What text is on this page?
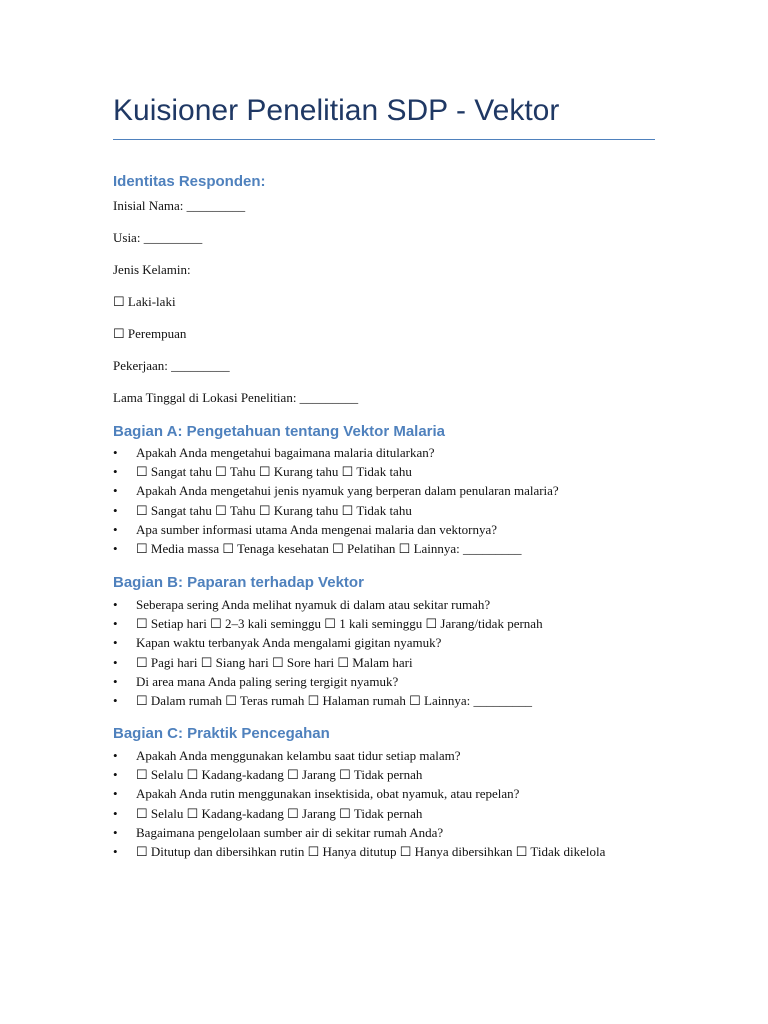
Kuisioner Penelitian SDP - Vektor
Identitas Responden:
Inisial Nama: _________
Usia: _________
Jenis Kelamin:
☐ Laki-laki
☐ Perempuan
Pekerjaan: _________
Lama Tinggal di Lokasi Penelitian: _________
Bagian A: Pengetahuan tentang Vektor Malaria
• Apakah Anda mengetahui bagaimana malaria ditularkan?
• ☐ Sangat tahu ☐ Tahu ☐ Kurang tahu ☐ Tidak tahu
• Apakah Anda mengetahui jenis nyamuk yang berperan dalam penularan malaria?
• ☐ Sangat tahu ☐ Tahu ☐ Kurang tahu ☐ Tidak tahu
• Apa sumber informasi utama Anda mengenai malaria dan vektornya?
• ☐ Media massa ☐ Tenaga kesehatan ☐ Pelatihan ☐ Lainnya: _________
Bagian B: Paparan terhadap Vektor
• Seberapa sering Anda melihat nyamuk di dalam atau sekitar rumah?
• ☐ Setiap hari ☐ 2–3 kali seminggu ☐ 1 kali seminggu ☐ Jarang/tidak pernah
• Kapan waktu terbanyak Anda mengalami gigitan nyamuk?
• ☐ Pagi hari ☐ Siang hari ☐ Sore hari ☐ Malam hari
• Di area mana Anda paling sering tergigit nyamuk?
• ☐ Dalam rumah ☐ Teras rumah ☐ Halaman rumah ☐ Lainnya: _________
Bagian C: Praktik Pencegahan
• Apakah Anda menggunakan kelambu saat tidur setiap malam?
• ☐ Selalu ☐ Kadang-kadang ☐ Jarang ☐ Tidak pernah
• Apakah Anda rutin menggunakan insektisida, obat nyamuk, atau repelan?
• ☐ Selalu ☐ Kadang-kadang ☐ Jarang ☐ Tidak pernah
• Bagaimana pengelolaan sumber air di sekitar rumah Anda?
• ☐ Ditutup dan dibersihkan rutin ☐ Hanya ditutup ☐ Hanya dibersihkan ☐ Tidak dikelola
